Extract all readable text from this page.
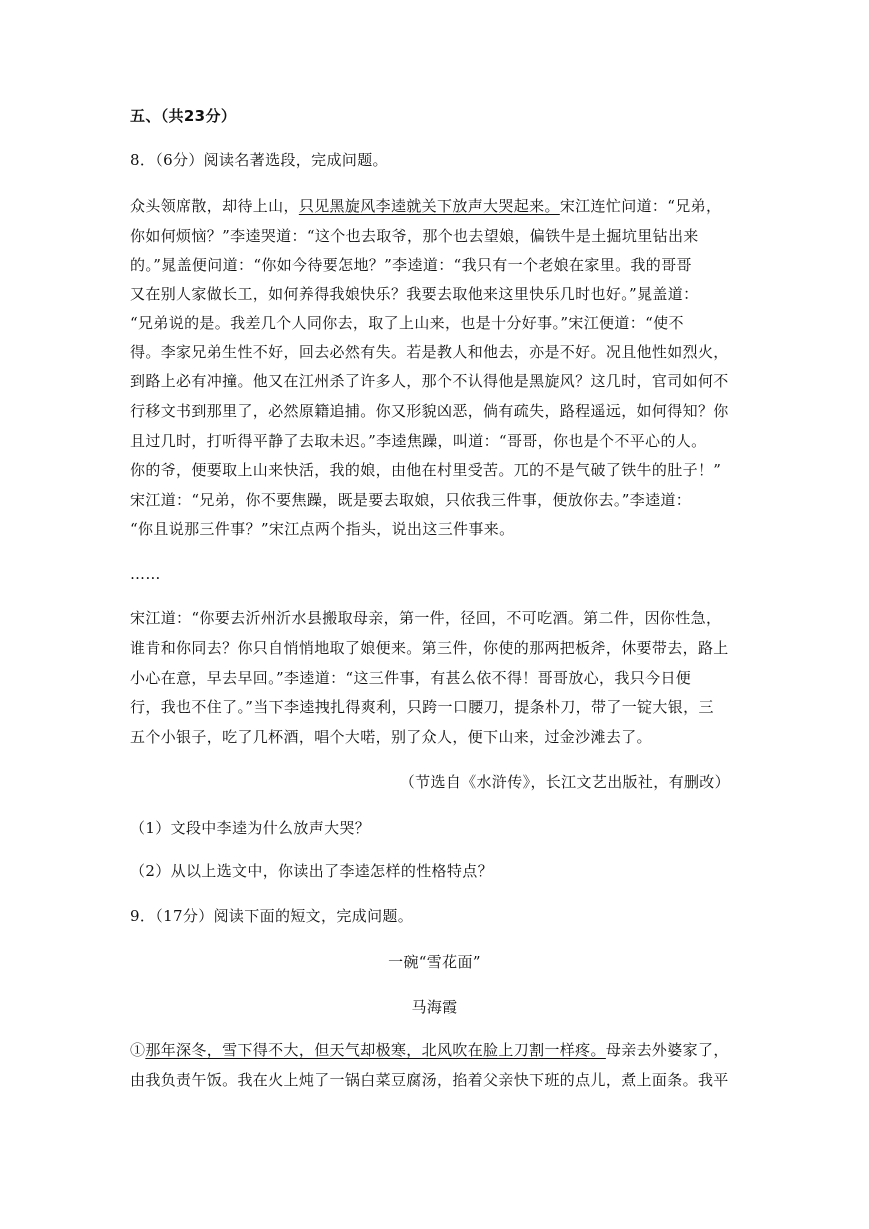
五、（共23分）
8．（6分）阅读名著选段，完成问题。
众头领席散，却待上山，只见黑旋风李逵就关下放声大哭起来。宋江连忙问道：“兄弟，
你如何烦恼？”李逵哭道：“这个也去取爷，那个也去望娘，偏铁牛是土掘坑里钻出来
的。”晁盖便问道：“你如今待要怎地？”李逵道：“我只有一个老娘在家里。我的哥哥
又在别人家做长工，如何养得我娘快乐？我要去取他来这里快乐几时也好。”晁盖道：
“兄弟说的是。我差几个人同你去，取了上山来，也是十分好事。”宋江便道：“使不
得。李家兄弟生性不好，回去必然有失。若是教人和他去，亦是不好。况且他性如烈火，
到路上必有冲撞。他又在江州杀了许多人，那个不认得他是黑旋风？这几时，官司如何不
行移文书到那里了，必然原籍追捕。你又形貌凶恶，倘有疏失，路程遥远，如何得知？你
且过几时，打听得平静了去取未迟。”李逵焦躁，叫道：“哥哥，你也是个不平心的人。
你的爷，便要取上山来快活，我的娘，由他在村里受苦。兀的不是气破了铁牛的肚子！”
宋江道：“兄弟，你不要焦躁，既是要去取娘，只依我三件事，便放你去。”李逵道：
“你且说那三件事？”宋江点两个指头，说出这三件事来。
……
宋江道：“你要去沂州沂水县搬取母亲，第一件，径回，不可吃酒。第二件，因你性急，
谁肯和你同去？你只自悄悄地取了娘便来。第三件，你使的那两把板斧，休要带去，路上
小心在意，早去早回。”李逵道：“这三件事，有甚么依不得！哥哥放心，我只今日便
行，我也不住了。”当下李逵拽扎得爽利，只跨一口腰刀，提条朴刀，带了一锭大银，三
五个小银子，吃了几杯酒，唱个大喏，别了众人，便下山来，过金沙滩去了。
（节选自《水浒传》，长江文艺出版社，有删改）
（1）文段中李逵为什么放声大哭？
（2）从以上选文中，你读出了李逵怎样的性格特点？
9．（17分）阅读下面的短文，完成问题。
一碗“雪花面”
马海霞
①那年深冬，雪下得不大，但天气却极寒，北风吹在脸上刀割一样疼。母亲去外婆家了，
由我负责午饭。我在火上炖了一锅白菜豆腐汤，掐着父亲快下班的点儿，煮上面条。我平
